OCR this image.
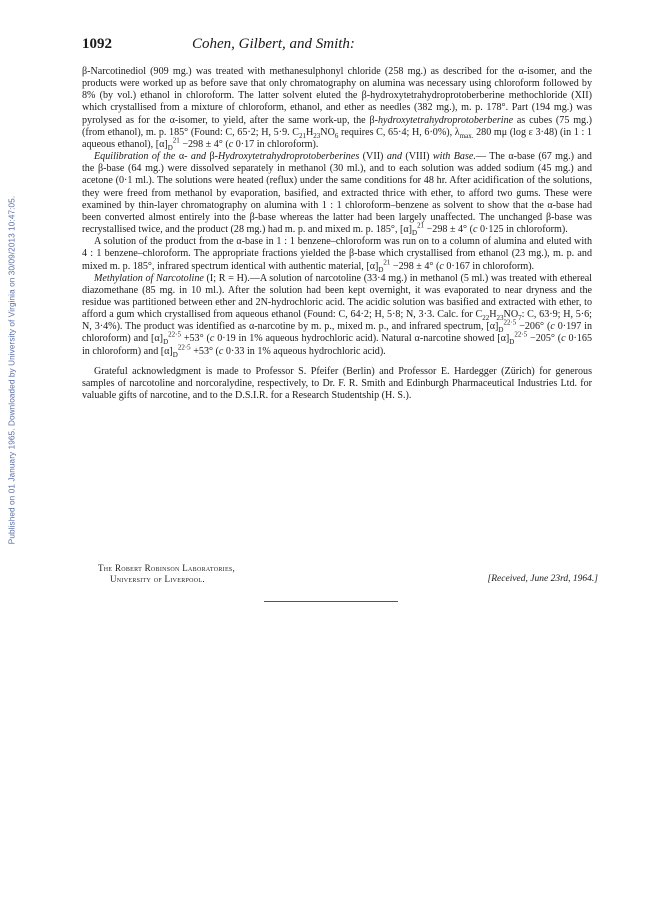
Published on 01 January 1965. Downloaded by University of Virginia on 30/09/2013 10:47:05.
1092	Cohen, Gilbert, and Smith:

β-Narcotinediol (909 mg.) was treated with methanesulphonyl chloride (258 mg.) as described for the α-isomer, and the products were worked up as before save that only chromatography on alumina was necessary using chloroform followed by 8% (by vol.) ethanol in chloroform. The latter solvent eluted the β-hydroxytetrahydroprotoberberine methochloride (XII) which crystallised from a mixture of chloroform, ethanol, and ether as needles (382 mg.), m. p. 178°. Part (194 mg.) was pyrolysed as for the α-isomer, to yield, after the same work-up, the β-hydroxytetrahydroprotoberberine as cubes (75 mg.) (from ethanol), m. p. 185° (Found: C, 65·2; H, 5·9. $C_{21}H_{23}NO_6$ requires C, 65·4; H, 6·0%), $\lambda_{max.}$ 280 mμ (log ε 3·48) (in 1 : 1 aqueous ethanol), $[\alpha]_D^{21} -298 \pm 4^\circ$ (c 0·17 in chloroform).

Equilibration of the α- and β-Hydroxytetrahydroprotoberberines (VII) and (VIII) with Base.— The α-base (67 mg.) and the β-base (64 mg.) were dissolved separately in methanol (30 ml.), and to each solution was added sodium (45 mg.) and acetone (0·1 ml.). The solutions were heated (reflux) under the same conditions for 48 hr. After acidification of the solutions, they were freed from methanol by evaporation, basified, and extracted thrice with ether, to afford two gums. These were examined by thin-layer chromatography on alumina with 1 : 1 chloroform–benzene as solvent to show that the α-base had been converted almost entirely into the β-base whereas the latter had been largely unaffected. The unchanged β-base was recrystallised twice, and the product (28 mg.) had m. p. and mixed m. p. 185°, $[\alpha]_D^{21} -298 \pm 4^\circ$ (c 0·125 in chloroform).

A solution of the product from the α-base in 1 : 1 benzene–chloroform was run on to a column of alumina and eluted with 4 : 1 benzene–chloroform. The appropriate fractions yielded the β-base which crystallised from ethanol (23 mg.), m. p. and mixed m. p. 185°, infrared spectrum identical with authentic material, $[\alpha]_D^{21} -298 \pm 4^\circ$ (c 0·167 in chloroform).

Methylation of Narcotoline (I; R = H).—A solution of narcotoline (33·4 mg.) in methanol (5 ml.) was treated with ethereal diazomethane (85 mg. in 10 ml.). After the solution had been kept overnight, it was evaporated to near dryness and the residue was partitioned between ether and 2N-hydrochloric acid. The acidic solution was basified and extracted with ether, to afford a gum which crystallised from aqueous ethanol (Found: C, 64·2; H, 5·8; N, 3·3. Calc. for $C_{22}H_{23}NO_7$: C, 63·9; H, 5·6; N, 3·4%). The product was identified as α-narcotine by m. p., mixed m. p., and infrared spectrum, $[\alpha]_D^{22\cdot 5} -206^\circ$ (c 0·197 in chloroform) and $[\alpha]_D^{22\cdot 5} +53^\circ$ (c 0·19 in 1% aqueous hydrochloric acid). Natural α-narcotine showed $[\alpha]_D^{22\cdot 5} -205^\circ$ (c 0·165 in chloroform) and $[\alpha]_D^{22\cdot 5} +53^\circ$ (c 0·33 in 1% aqueous hydrochloric acid).

Grateful acknowledgment is made to Professor S. Pfeifer (Berlin) and Professor E. Hardegger (Zürich) for generous samples of narcotoline and norcoralydine, respectively, to Dr. F. R. Smith and Edinburgh Pharmaceutical Industries Ltd. for valuable gifts of narcotine, and to the D.S.I.R. for a Research Studentship (H. S.).

The Robert Robinson Laboratories,
University of Liverpool.	[Received, June 23rd, 1964.]
